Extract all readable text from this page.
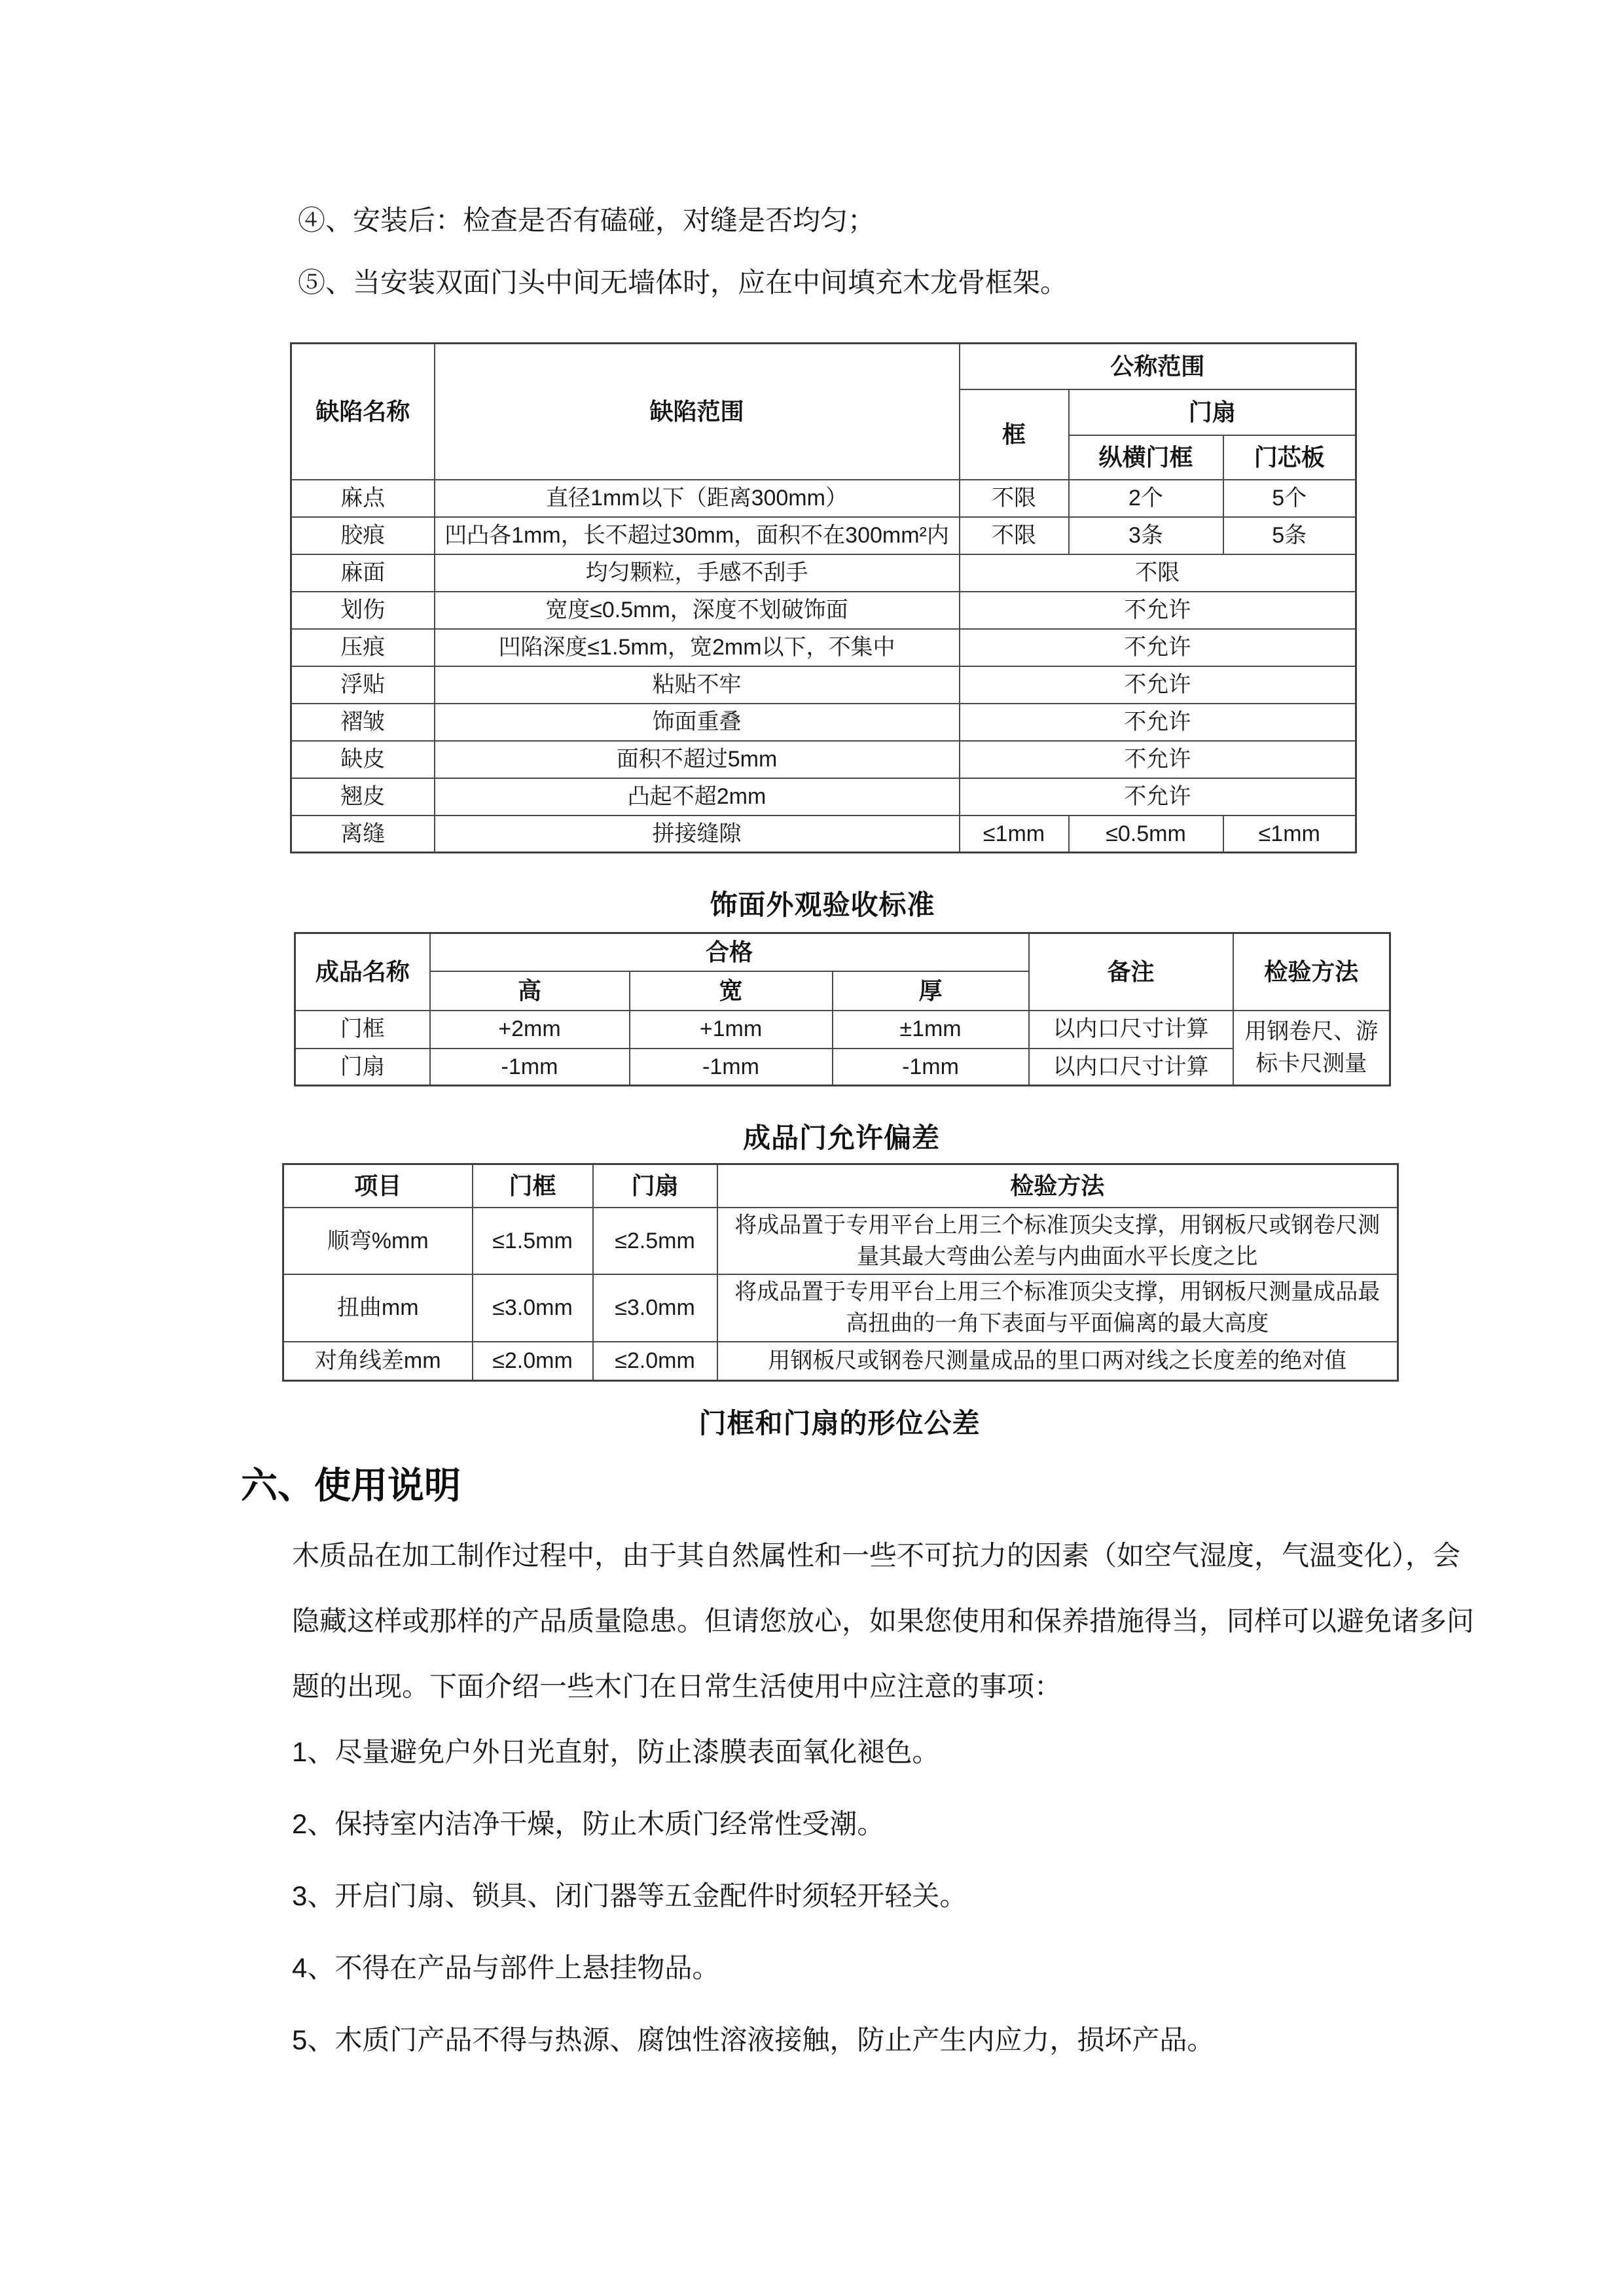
④、安装后：检查是否有磕碰，对缝是否均匀；
⑤、当安装双面门头中间无墙体时，应在中间填充木龙骨框架。
缺陷名称	缺陷范围	公称范围		
		框	门扇	
			纵横门框	门芯板
麻点	直径1mm以下（距离300mm）	不限	2个	5个
胶痕	凹凸各1mm，长不超过30mm，面积不在300mm²内	不限	3条	5条
麻面	均匀颗粒，手感不刮手	不限		
划伤	宽度≤0.5mm，深度不划破饰面	不允许		
压痕	凹陷深度≤1.5mm，宽2mm以下，不集中	不允许		
浮贴	粘贴不牢	不允许		
褶皱	饰面重叠	不允许		
缺皮	面积不超过5mm	不允许		
翘皮	凸起不超2mm	不允许		
离缝	拼接缝隙	≤1mm	≤0.5mm	≤1mm
饰面外观验收标准
成品名称	合格			备注	检验方法
	高	宽	厚		
门框	+2mm	+1mm	±1mm	以内口尺寸计算	用钢卷尺、游标卡尺测量
门扇	-1mm	-1mm	-1mm	以内口尺寸计算	
成品门允许偏差
项目	门框	门扇	检验方法
顺弯%mm	≤1.5mm	≤2.5mm	将成品置于专用平台上用三个标准顶尖支撑，用钢板尺或钢卷尺测量其最大弯曲公差与内曲面水平长度之比
扭曲mm	≤3.0mm	≤3.0mm	将成品置于专用平台上用三个标准顶尖支撑，用钢板尺测量成品最高扭曲的一角下表面与平面偏离的最大高度
对角线差mm	≤2.0mm	≤2.0mm	用钢板尺或钢卷尺测量成品的里口两对线之长度差的绝对值
门框和门扇的形位公差
六、使用说明
木质品在加工制作过程中，由于其自然属性和一些不可抗力的因素（如空气湿度，气温变化），会
隐藏这样或那样的产品质量隐患。但请您放心，如果您使用和保养措施得当，同样可以避免诸多问
题的出现。下面介绍一些木门在日常生活使用中应注意的事项：
1、尽量避免户外日光直射，防止漆膜表面氧化褪色。
2、保持室内洁净干燥，防止木质门经常性受潮。
3、开启门扇、锁具、闭门器等五金配件时须轻开轻关。
4、不得在产品与部件上悬挂物品。
5、木质门产品不得与热源、腐蚀性溶液接触，防止产生内应力，损坏产品。
